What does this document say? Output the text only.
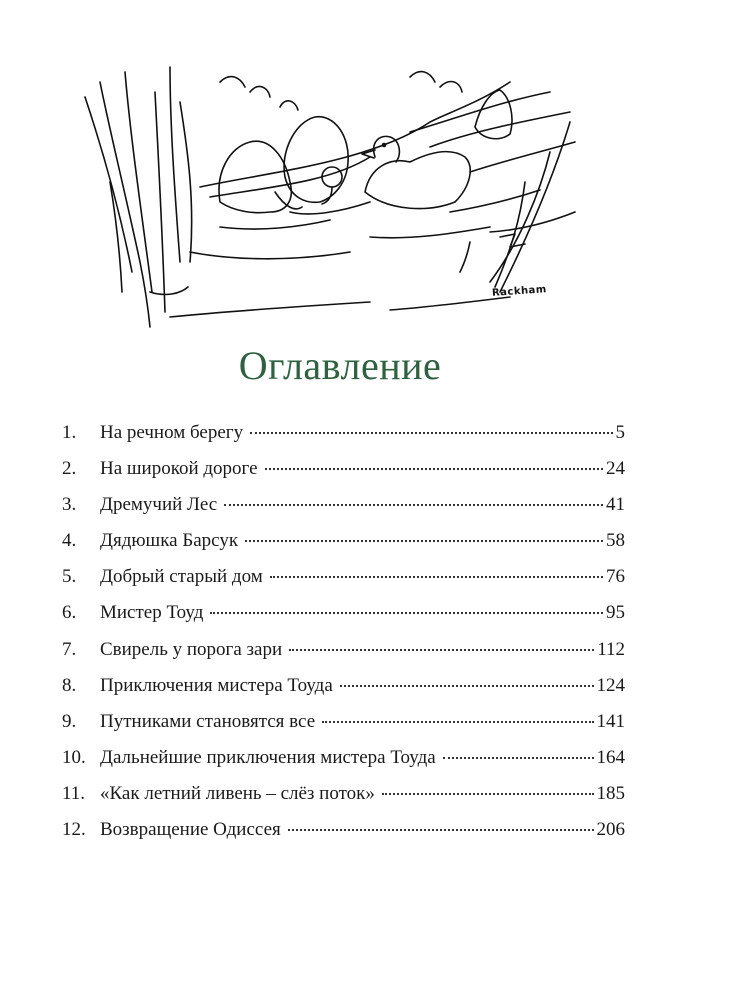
Rackham
Оглавление
1.	На речном берегу	5
2.	На широкой дороге	24
3.	Дремучий Лес	41
4.	Дядюшка Барсук	58
5.	Добрый старый дом	76
6.	Мистер Тоуд	95
7.	Свирель у порога зари	112
8.	Приключения мистера Тоуда	124
9.	Путниками становятся все	141
10. Дальнейшие приключения мистера Тоуда	164
11. «Как летний ливень – слёз поток»	185
12. Возвращение Одиссея	206
